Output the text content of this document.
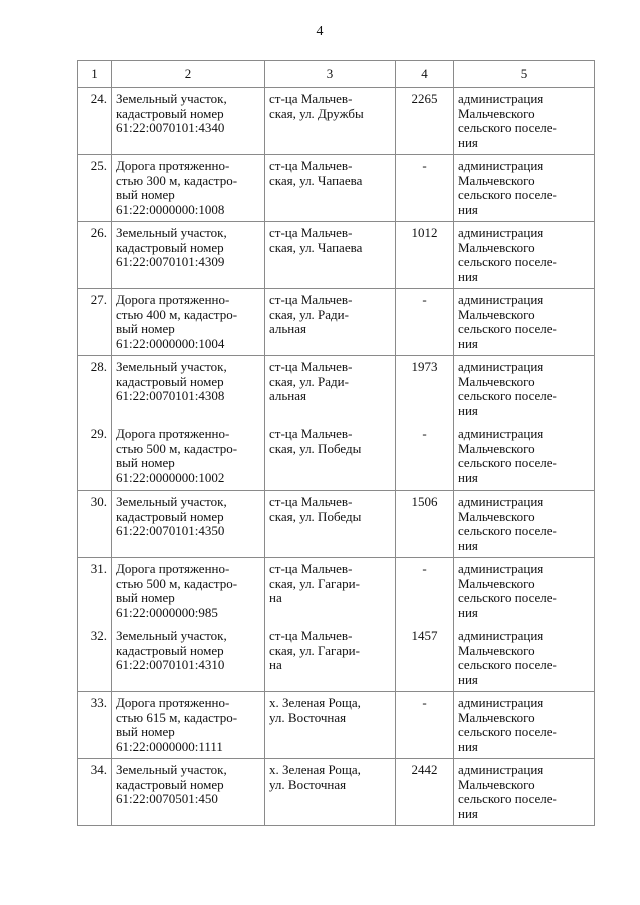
4
1	2	3	4	5
24.	Земельный участок,
кадастровый номер
61:22:0070101:4340	ст-ца Мальчев-
ская, ул. Дружбы	2265	администрация
Мальчевского
сельского поселе-
ния

25.	Дорога протяженно-
стью 300 м, кадастро-
вый номер
61:22:0000000:1008	ст-ца Мальчев-
ская, ул. Чапаева	-	администрация
Мальчевского
сельского поселе-
ния

26.	Земельный участок,
кадастровый номер
61:22:0070101:4309	ст-ца Мальчев-
ская, ул. Чапаева	1012	администрация
Мальчевского
сельского поселе-
ния

27.	Дорога протяженно-
стью 400 м, кадастро-
вый номер
61:22:0000000:1004	ст-ца Мальчев-
ская, ул. Ради-
альная	-	администрация
Мальчевского
сельского поселе-
ния

28.	Земельный участок,
кадастровый номер
61:22:0070101:4308	ст-ца Мальчев-
ская, ул. Ради-
альная	1973	администрация
Мальчевского
сельского поселе-
ния

29.	Дорога протяженно-
стью 500 м, кадастро-
вый номер
61:22:0000000:1002	ст-ца Мальчев-
ская, ул. Победы	-	администрация
Мальчевского
сельского поселе-
ния

30.	Земельный участок,
кадастровый номер
61:22:0070101:4350	ст-ца Мальчев-
ская, ул. Победы	1506	администрация
Мальчевского
сельского поселе-
ния

31.	Дорога протяженно-
стью 500 м, кадастро-
вый номер
61:22:0000000:985	ст-ца Мальчев-
ская, ул. Гагари-
на	-	администрация
Мальчевского
сельского поселе-
ния

32.	Земельный участок,
кадастровый номер
61:22:0070101:4310	ст-ца Мальчев-
ская, ул. Гагари-
на	1457	администрация
Мальчевского
сельского поселе-
ния

33.	Дорога протяженно-
стью 615 м, кадастро-
вый номер
61:22:0000000:1111	х. Зеленая Роща,
ул. Восточная	-	администрация
Мальчевского
сельского поселе-
ния

34.	Земельный участок,
кадастровый номер
61:22:0070501:450	х. Зеленая Роща,
ул. Восточная	2442	администрация
Мальчевского
сельского поселе-
ния
